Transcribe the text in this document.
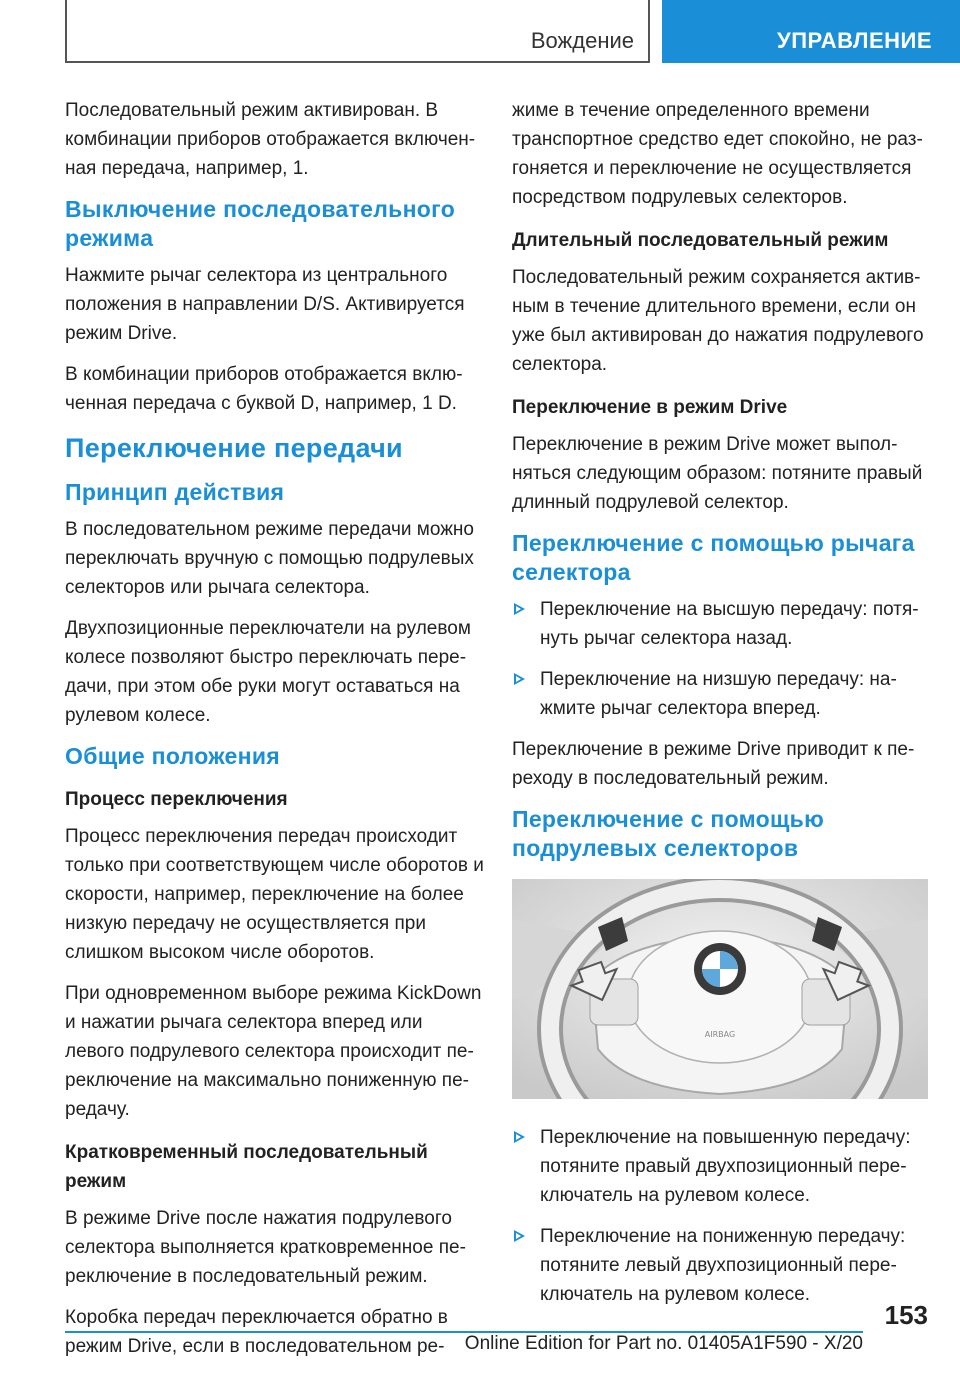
Вождение	УПРАВЛЕНИЕ

Последовательный режим активирован. В комбинации приборов отображается включенная передача, например, 1.

Выключение последовательного режима

Нажмите рычаг селектора из центрального положения в направлении D/S. Активируется режим Drive.

В комбинации приборов отображается включенная передача с буквой D, например, 1 D.

Переключение передачи
Принцип действия

В последовательном режиме передачи можно переключать вручную с помощью подрулевых селекторов или рычага селектора.

Двухпозиционные переключатели на рулевом колесе позволяют быстро переключать передачи, при этом обе руки могут оставаться на рулевом колесе.

Общие положения
Процесс переключения

Процесс переключения передач происходит только при соответствующем числе оборотов и скорости, например, переключение на более низкую передачу не осуществляется при слишком высоком числе оборотов.

При одновременном выборе режима KickDown и нажатии рычага селектора вперед или левого подрулевого селектора происходит переключение на максимально пониженную передачу.

Кратковременный последовательный режим

В режиме Drive после нажатия подрулевого селектора выполняется кратковременное переключение в последовательный режим.

Коробка передач переключается обратно в режим Drive, если в последовательном ре-

жиме в течение определенного времени транспортное средство едет спокойно, не разгоняется и переключение не осуществляется посредством подрулевых селекторов.

Длительный последовательный режим

Последовательный режим сохраняется активным в течение длительного времени, если он уже был активирован до нажатия подрулевого селектора.

Переключение в режим Drive

Переключение в режим Drive может выполняться следующим образом: потяните правый длинный подрулевой селектор.

Переключение с помощью рычага селектора
Переключение на высшую передачу: потянуть рычаг селектора назад.
Переключение на низшую передачу: нажмите рычаг селектора вперед.

Переключение в режиме Drive приводит к переходу в последовательный режим.

Переключение с помощью подрулевых селекторов
AIRBAG
Переключение на повышенную передачу: потяните правый двухпозиционный переключатель на рулевом колесе.
Переключение на пониженную передачу: потяните левый двухпозиционный переключатель на рулевом колесе.
153
Online Edition for Part no. 01405A1F590 - X/20
